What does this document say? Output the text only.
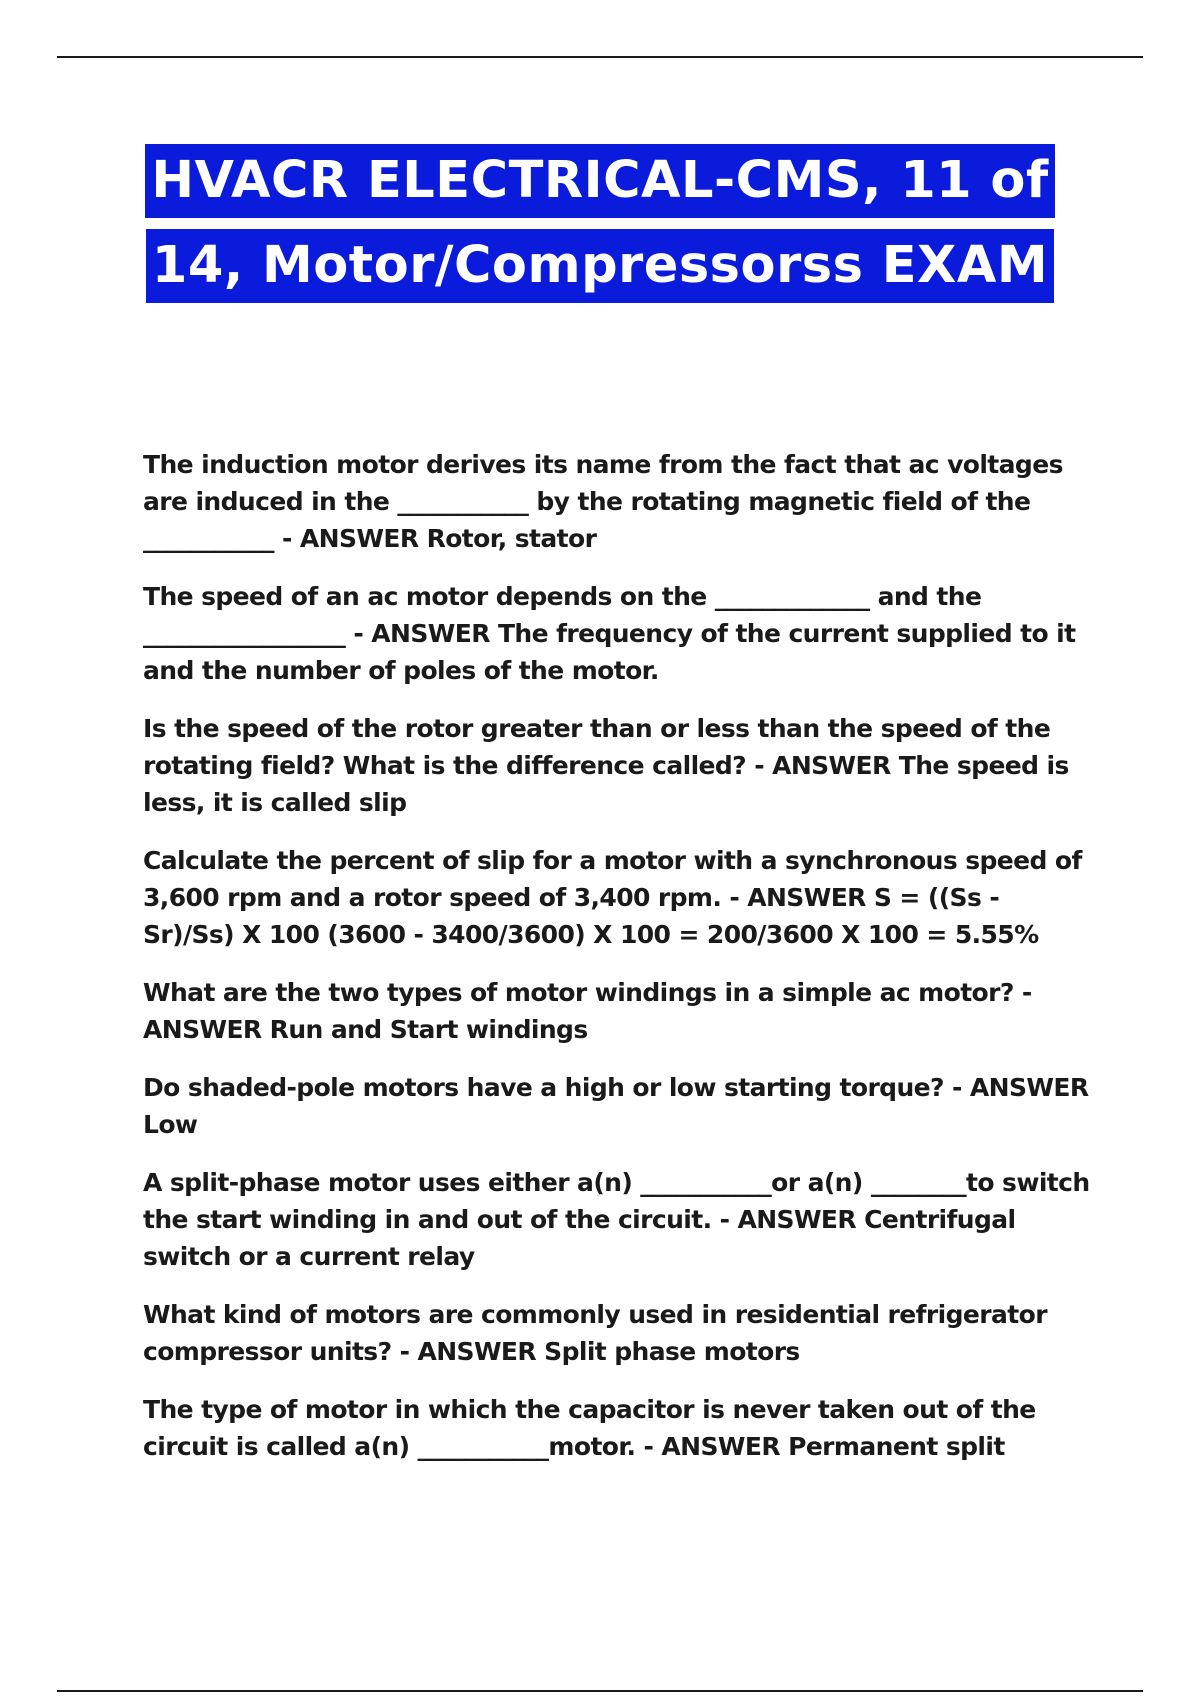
HVACR ELECTRICAL-CMS, 11 of
14, Motor/Compressorss EXAM

The induction motor derives its name from the fact that ac voltages are induced in the ___________ by the rotating magnetic field of the ___________ - ANSWER Rotor, stator

The speed of an ac motor depends on the _____________ and the _________________ - ANSWER The frequency of the current supplied to it and the number of poles of the motor.

Is the speed of the rotor greater than or less than the speed of the rotating field? What is the difference called? - ANSWER The speed is less, it is called slip

Calculate the percent of slip for a motor with a synchronous speed of 3,600 rpm and a rotor speed of 3,400 rpm. - ANSWER S = ((Ss - Sr)/Ss) X 100 (3600 - 3400/3600) X 100 = 200/3600 X 100 = 5.55%

What are the two types of motor windings in a simple ac motor? - ANSWER Run and Start windings

Do shaded-pole motors have a high or low starting torque? - ANSWER Low

A split-phase motor uses either a(n) ___________or a(n) ________to switch the start winding in and out of the circuit. - ANSWER Centrifugal switch or a current relay

What kind of motors are commonly used in residential refrigerator compressor units? - ANSWER Split phase motors

The type of motor in which the capacitor is never taken out of the circuit is called a(n) ___________motor. - ANSWER Permanent split
